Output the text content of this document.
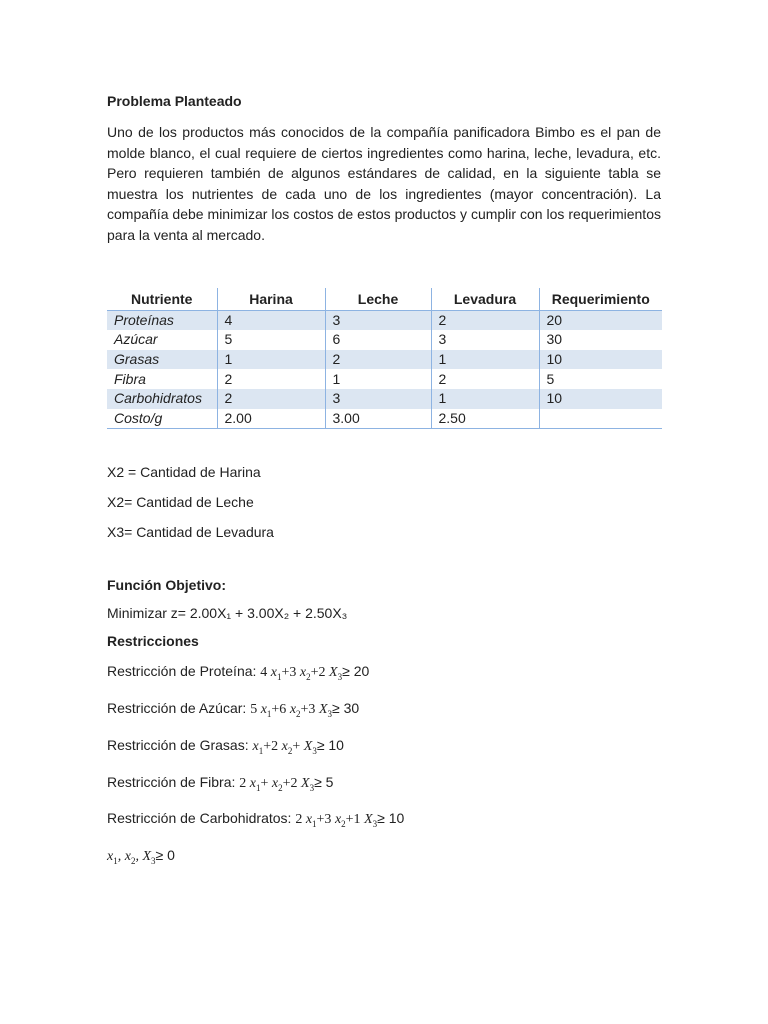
Problema Planteado

Uno de los productos más conocidos de la compañía panificadora Bimbo es el pan de molde blanco, el cual requiere de ciertos ingredientes como harina, leche, levadura, etc. Pero requieren también de algunos estándares de calidad, en la siguiente tabla se muestra los nutrientes de cada uno de los ingredientes (mayor concentración). La compañía debe minimizar los costos de estos productos y cumplir con los requerimientos para la venta al mercado.

Nutriente	Harina	Leche	Levadura	Requerimiento
Proteínas	4	3	2	20
Azúcar	5	6	3	30
Grasas	1	2	1	10
Fibra	2	1	2	5
Carbohidratos	2	3	1	10
Costo/g	2.00	3.00	2.50	

X2 = Cantidad de Harina

X2= Cantidad de Leche

X3= Cantidad de Levadura

Función Objetivo:

Minimizar z= 2.00X₁ + 3.00X₂ + 2.50X₃

Restricciones

Restricción de Proteína: 4 $x_1+3$ $x_2+2$ $X_3\ge 20$

Restricción de Azúcar: 5 $x_1+6$ $x_2+3$ $X_3\ge 30$

Restricción de Grasas: $x_1+2$ $x_2+ X_3\ge 10$

Restricción de Fibra: 2 $x_1+ x_2+2$ $X_3\ge 5$

Restricción de Carbohidratos: 2 $x_1+3$ $x_2+1$ $X_3\ge 10$

$x_1$, $x_2$, $X_3\ge 0$
